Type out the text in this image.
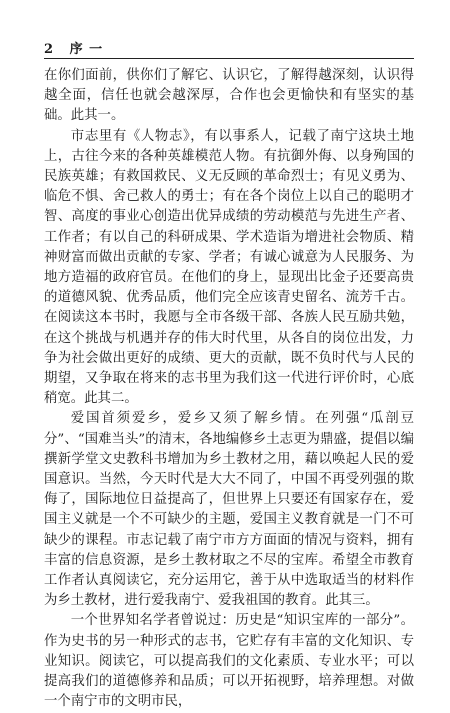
2 序 一

在你们面前，供你们了解它、认识它，了解得越深刻，认识得越全面，信任也就会越深厚，合作也会更愉快和有坚实的基础。此其一。

市志里有《人物志》，有以事系人，记载了南宁这块土地上，古往今来的各种英雄模范人物。有抗御外侮、以身殉国的民族英雄；有救国救民、义无反顾的革命烈士；有见义勇为、临危不惧、舍己救人的勇士；有在各个岗位上以自己的聪明才智、高度的事业心创造出优异成绩的劳动模范与先进生产者、工作者；有以自己的科研成果、学术造诣为增进社会物质、精神财富而做出贡献的专家、学者；有诚心诚意为人民服务、为地方造福的政府官员。在他们的身上，显现出比金子还要高贵的道德风貌、优秀品质，他们完全应该青史留名、流芳千古。在阅读这本书时，我愿与全市各级干部、各族人民互励共勉，在这个挑战与机遇并存的伟大时代里，从各自的岗位出发，力争为社会做出更好的成绩、更大的贡献，既不负时代与人民的期望，又争取在将来的志书里为我们这一代进行评价时，心底稍宽。此其二。

爱国首须爱乡，爱乡又须了解乡情。在列强“瓜剖豆分”、“国难当头”的清末，各地编修乡土志更为鼎盛，提倡以编撰新学堂文史教科书增加为乡土教材之用，藉以唤起人民的爱国意识。当然，今天时代是大大不同了，中国不再受列强的欺侮了，国际地位日益提高了，但世界上只要还有国家存在，爱国主义就是一个不可缺少的主题，爱国主义教育就是一门不可缺少的课程。市志记载了南宁市方方面面的情况与资料，拥有丰富的信息资源，是乡土教材取之不尽的宝库。希望全市教育工作者认真阅读它，充分运用它，善于从中选取适当的材料作为乡土教材，进行爱我南宁、爱我祖国的教育。此其三。

一个世界知名学者曾说过：历史是“知识宝库的一部分”。作为史书的另一种形式的志书，它贮存有丰富的文化知识、专业知识。阅读它，可以提高我们的文化素质、专业水平；可以提高我们的道德修养和品质；可以开拓视野，培养理想。对做一个南宁市的文明市民，
